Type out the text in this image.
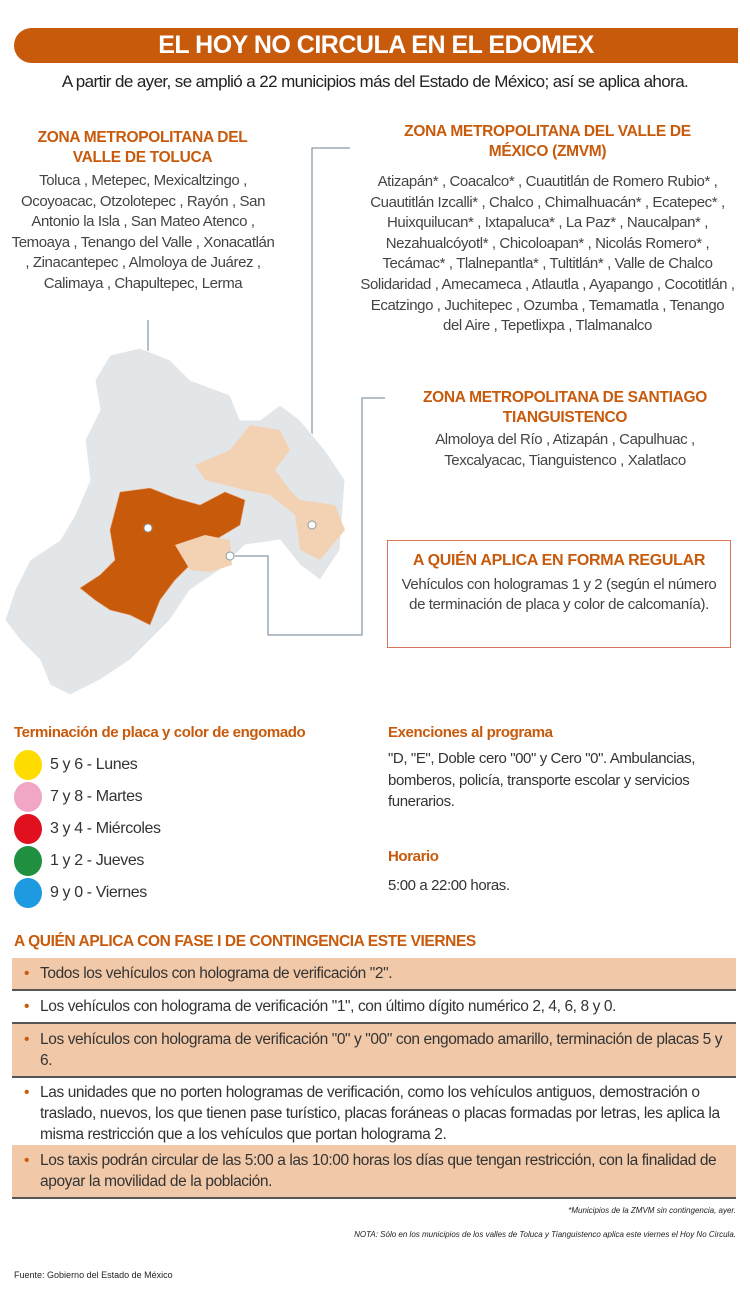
EL HOY NO CIRCULA EN EL EDOMEX
A partir de ayer, se amplió a 22 municipios más del Estado de México; así se aplica ahora.
ZONA METROPOLITANA DEL VALLE DE TOLUCA
Toluca , Metepec, Mexicaltzingo , Ocoyoacac, Otzolotepec , Rayón , San Antonio la Isla , San Mateo Atenco , Temoaya , Tenango del Valle , Xonacatlán , Zinacantepec , Almoloya de Juárez , Calimaya , Chapultepec, Lerma
ZONA METROPOLITANA DEL VALLE DE MÉXICO (ZMVM)
Atizapán* , Coacalco* , Cuautitlán de Romero Rubio* , Cuautitlán Izcalli* , Chalco , Chimalhuacán* , Ecatepec* , Huixquilucan* , Ixtapaluca* , La Paz* , Naucalpan* , Nezahualcóyotl* , Chicoloapan* , Nicolás Romero* , Tecámac* , Tlalnepantla* , Tultitlán* , Valle de Chalco Solidaridad , Amecameca , Atlautla , Ayapango , Cocotitlán , Ecatzingo , Juchitepec , Ozumba , Temamatla , Tenango del Aire , Tepetlixpa , Tlalmanalco
ZONA METROPOLITANA DE SANTIAGO TIANGUISTENCO
Almoloya del Río , Atizapán , Capulhuac , Texcalyacac, Tianguistenco , Xalatlaco
A QUIÉN APLICA EN FORMA REGULAR
Vehículos con hologramas 1 y 2 (según el número de terminación de placa y color de calcomanía).
Terminación de placa y color de engomado
5 y 6 - Lunes
7 y 8 - Martes
3 y 4 - Miércoles
1 y 2 - Jueves
9 y 0 - Viernes
Exenciones al programa
"D, "E", Doble cero "00" y Cero "0". Ambulancias, bomberos, policía, transporte escolar y servicios funerarios.
Horario
5:00 a 22:00 horas.
A QUIÉN APLICA CON FASE I DE CONTINGENCIA ESTE VIERNES
• Todos los vehículos con holograma de verificación "2".
• Los vehículos con holograma de verificación "1", con último dígito numérico 2, 4, 6, 8 y 0.
• Los vehículos con holograma de verificación "0" y "00" con engomado amarillo, terminación de placas 5 y 6.
• Las unidades que no porten hologramas de verificación, como los vehículos antiguos, demostración o traslado, nuevos, los que tienen pase turístico, placas foráneas o placas formadas por letras, les aplica la misma restricción que a los vehículos que portan holograma 2.
• Los taxis podrán circular de las 5:00 a las 10:00 horas los días que tengan restricción, con la finalidad de apoyar la movilidad de la población.
*Municipios de la ZMVM sin contingencia, ayer.
NOTA: Sólo en los municipios de los valles de Toluca y Tianguistenco aplica este viernes el Hoy No Circula.
Fuente: Gobierno del Estado de México
